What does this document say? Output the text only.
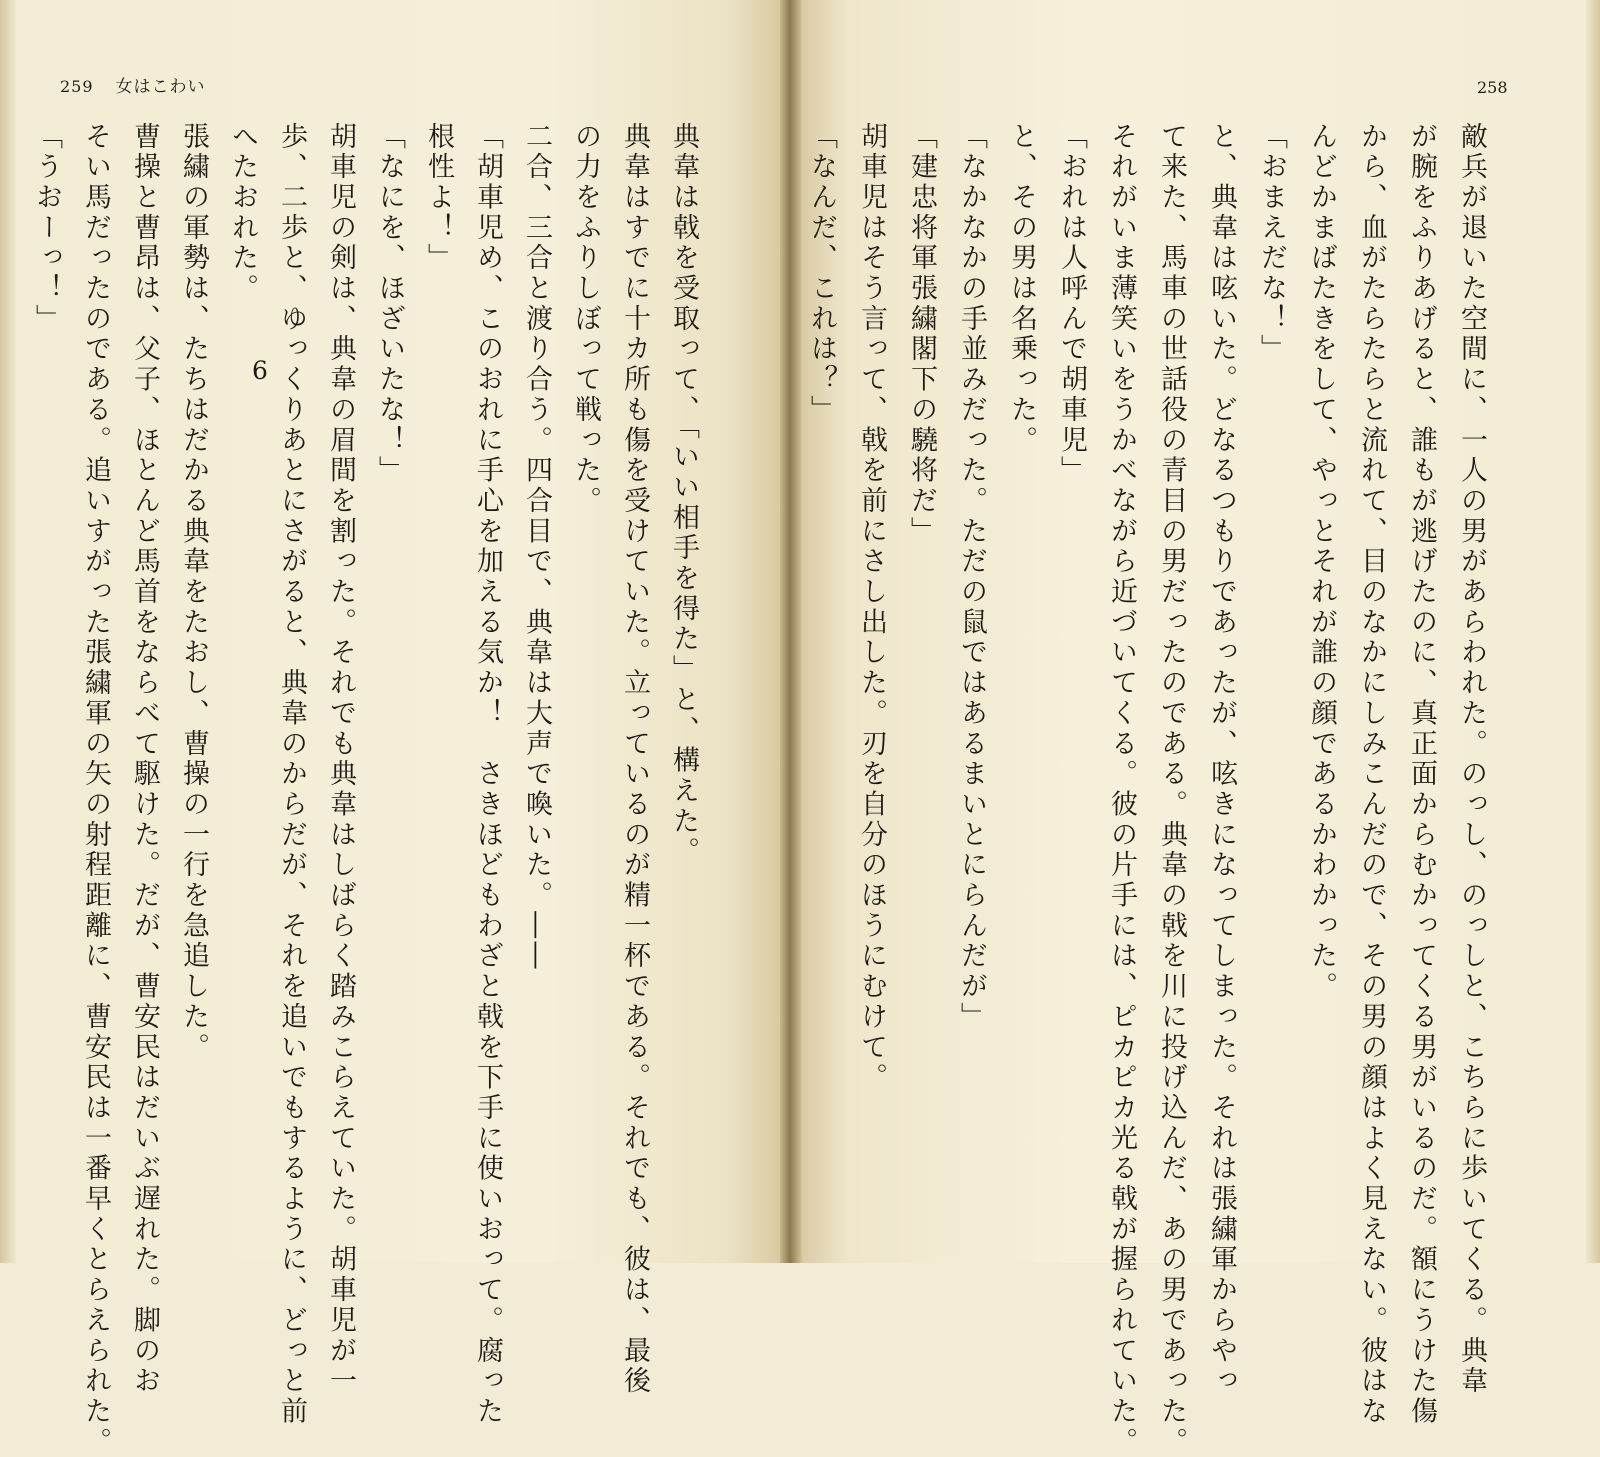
259 女はこわい	258
敵兵が退いた空間に、一人の男があらわれた。のっし、のっしと、こちらに歩いてくる。典韋
が腕をふりあげると、誰もが逃げたのに、真正面からむかってくる男がいるのだ。額にうけた傷
から、血がたらたらと流れて、目のなかにしみこんだので、その男の顔はよく見えない。彼はな
んどかまばたきをして、やっとそれが誰の顔であるかわかった。
「おまえだな！」
と、典韋は呟いた。どなるつもりであったが、呟きになってしまった。それは張繍軍からやっ
て来た、馬車の世話役の青目の男だったのである。典韋の戟を川に投げ込んだ、あの男であった。
それがいま薄笑いをうかべながら近づいてくる。彼の片手には、ピカピカ光る戟が握られていた。
「おれは人呼んで胡車児」
と、その男は名乗った。
「なかなかの手並みだった。ただの鼠ではあるまいとにらんだが」
「建忠将軍張繍閣下の驍将だ」
胡車児はそう言って、戟を前にさし出した。刃を自分のほうにむけて。
「なんだ、これは？」
典韋は戟を受取って、「いい相手を得た」と、構えた。
典韋はすでに十カ所も傷を受けていた。立っているのが精一杯である。それでも、彼は、最後
の力をふりしぼって戦った。
二合、三合と渡り合う。四合目で、典韋は大声で喚いた。――
「胡車児め、このおれに手心を加える気か！　さきほどもわざと戟を下手に使いおって。腐った
根性よ！」
「なにを、ほざいたな！」
胡車児の剣は、典韋の眉間を割った。それでも典韋はしばらく踏みこらえていた。胡車児が一
歩、二歩と、ゆっくりあとにさがると、典韋のからだが、それを追いでもするように、どっと前
へたおれた。
6
張繍の軍勢は、たちはだかる典韋をたおし、曹操の一行を急追した。
曹操と曹昂は、父子、ほとんど馬首をならべて駆けた。だが、曹安民はだいぶ遅れた。脚のお
そい馬だったのである。追いすがった張繍軍の矢の射程距離に、曹安民は一番早くとらえられた。
「うおーっ！」
